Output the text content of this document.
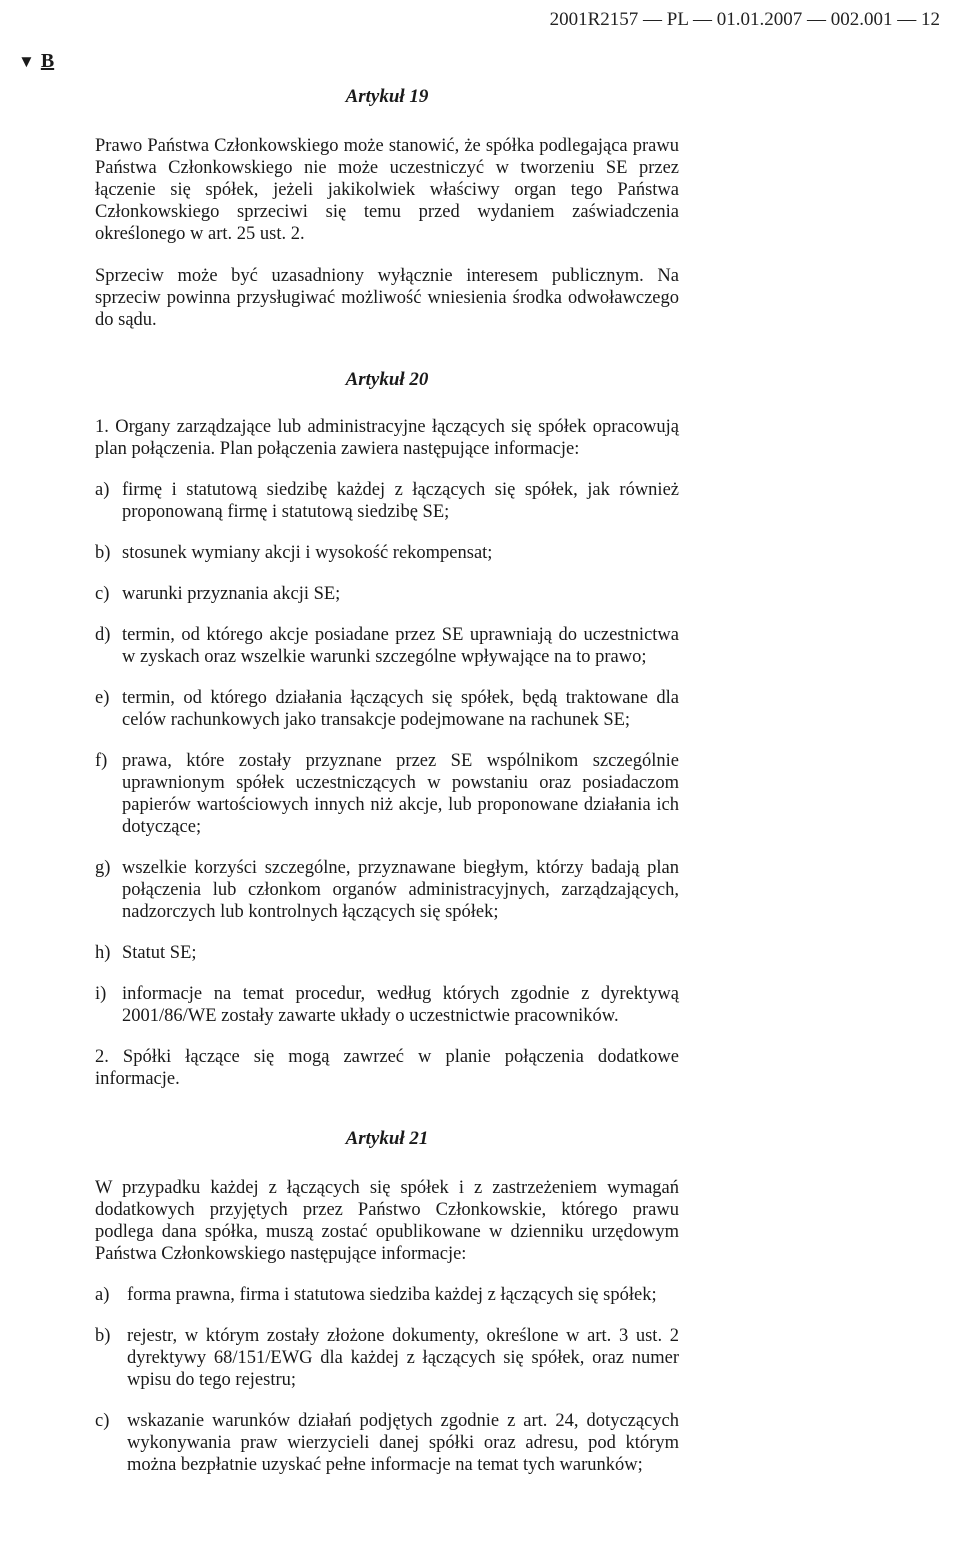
2001R2157 — PL — 01.01.2007 — 002.001 — 12
▼ B
Artykuł 19

Prawo Państwa Członkowskiego może stanowić, że spółka podlegająca prawu Państwa Członkowskiego nie może uczestniczyć w tworzeniu SE przez łączenie się spółek, jeżeli jakikolwiek właściwy organ tego Państwa Członkowskiego sprzeciwi się temu przed wydaniem zaświadczenia określonego w art. 25 ust. 2.

Sprzeciw może być uzasadniony wyłącznie interesem publicznym. Na sprzeciw powinna przysługiwać możliwość wniesienia środka odwoławczego do sądu.

Artykuł 20

1. Organy zarządzające lub administracyjne łączących się spółek opracowują plan połączenia. Plan połączenia zawiera następujące informacje:

a) firmę i statutową siedzibę każdej z łączących się spółek, jak również proponowaną firmę i statutową siedzibę SE;
b) stosunek wymiany akcji i wysokość rekompensat;
c) warunki przyznania akcji SE;
d) termin, od którego akcje posiadane przez SE uprawniają do uczestnictwa w zyskach oraz wszelkie warunki szczególne wpływające na to prawo;
e) termin, od którego działania łączących się spółek, będą traktowane dla celów rachunkowych jako transakcje podejmowane na rachunek SE;
f) prawa, które zostały przyznane przez SE wspólnikom szczególnie uprawnionym spółek uczestniczących w powstaniu oraz posiadaczom papierów wartościowych innych niż akcje, lub proponowane działania ich dotyczące;
g) wszelkie korzyści szczególne, przyznawane biegłym, którzy badają plan połączenia lub członkom organów administracyjnych, zarządzających, nadzorczych lub kontrolnych łączących się spółek;
h) Statut SE;
i) informacje na temat procedur, według których zgodnie z dyrektywą 2001/86/WE zostały zawarte układy o uczestnictwie pracowników.

2. Spółki łączące się mogą zawrzeć w planie połączenia dodatkowe informacje.

Artykuł 21

W przypadku każdej z łączących się spółek i z zastrzeżeniem wymagań dodatkowych przyjętych przez Państwo Członkowskie, którego prawu podlega dana spółka, muszą zostać opublikowane w dzienniku urzędowym Państwa Członkowskiego następujące informacje:

a) forma prawna, firma i statutowa siedziba każdej z łączących się spółek;
b) rejestr, w którym zostały złożone dokumenty, określone w art. 3 ust. 2 dyrektywy 68/151/EWG dla każdej z łączących się spółek, oraz numer wpisu do tego rejestru;
c) wskazanie warunków działań podjętych zgodnie z art. 24, dotyczących wykonywania praw wierzycieli danej spółki oraz adresu, pod którym można bezpłatnie uzyskać pełne informacje na temat tych warunków;
